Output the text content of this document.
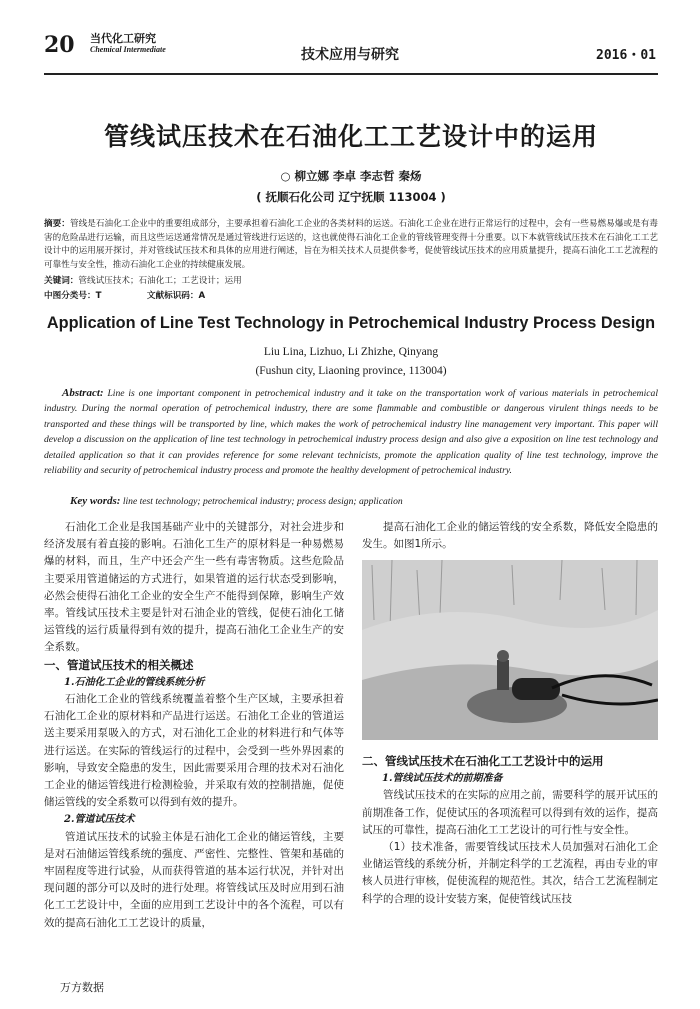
20 当代化工研究
Chemical Intermediate	技术应用与研究	2016・01
管线试压技术在石油化工工艺设计中的运用
○ 柳立娜 李卓 李志哲 秦炀
( 抚顺石化公司 辽宁抚顺 113004 )
摘要：管线是石油化工企业中的重要组成部分，主要承担着石油化工企业的各类材料的运送。石油化工企业在进行正常运行的过程中，会有一些易燃易爆或是有毒害的危险品进行运输，而且这些运送通常情况是通过管线进行运送的，这也就使得石油化工企业的管线管理变得十分重要。以下本就管线试压技术在石油化工工艺设计中的运用展开探讨，并对管线试压技术和具体的应用进行阐述，旨在为相关技术人员提供参考，促使管线试压技术的应用质量提升，提高石油化工工艺流程的可靠性与安全性，推动石油化工企业的持续健康发展。
关键词：管线试压技术；石油化工；工艺设计；运用
中图分类号：T	文献标识码：A
Application of Line Test Technology in Petrochemical Industry Process Design
Liu Lina, Lizhuo, Li Zhizhe, Qinyang
(Fushun city, Liaoning province, 113004)
Abstract: Line is one important component in petrochemical industry and it take on the transportation work of various materials in petrochemical industry. During the normal operation of petrochemical industry, there are some flammable and combustible or dangerous virulent things needs to be transported and these things will be transported by line, which makes the work of petrochemical industry line management very important. This paper will develop a discussion on the application of line test technology in petrochemical industry process design and also give a exposition on line test technology and detailed application so that it can provides reference for some relevant technicists, promote the application quality of line test technology, improve the reliability and security of petrochemical industry process and promote the healthy development of petrochemical industry.
Key words: line test technology; petrochemical industry; process design; application

石油化工企业是我国基础产业中的关键部分，对社会进步和经济发展有着直接的影响。石油化工生产的原材料是一种易燃易爆的材料，而且，生产中还会产生一些有毒害物质。这些危险品主要采用管道储运的方式进行，如果管道的运行状态受到影响，必然会使得石油化工企业的安全生产不能得到保障，影响生产效率。管线试压技术主要是针对石油企业的管线，促使石油化工储运管线的运行质量得到有效的提升，提高石油化工企业生产的安全系数。

一、管道试压技术的相关概述

1.石油化工企业的管线系统分析

石油化工企业的管线系统覆盖着整个生产区域，主要承担着石油化工企业的原材料和产品进行运送。石油化工企业的管道运送主要采用泵吸入的方式，对石油化工企业的材料进行和气体等进行运送。在实际的管线运行的过程中，会受到一些外界因素的影响，导致安全隐患的发生，因此需要采用合理的技术对石油化工企业的储运管线进行检测检验，并采取有效的控制措施，促使储运管线的安全系数可以得到有效的提升。

2.管道试压技术

管道试压技术的试验主体是石油化工企业的储运管线，主要是对石油储运管线系统的强度、严密性、完整性、管架和基础的牢固程度等进行试验，从而获得管道的基本运行状况，并针对出现问题的部分可以及时的进行处理。将管线试压及时应用到石油化工工艺设计中，全面的应用到工艺设计中的各个流程，可以有效的提高石油化工工艺设计的质量，

提高石油化工企业的储运管线的安全系数，降低安全隐患的发生。如图1所示。

二、管线试压技术在石油化工工艺设计中的运用

1.管线试压技术的前期准备

管线试压技术的在实际的应用之前，需要科学的展开试压的前期准备工作，促使试压的各项流程可以得到有效的运作，提高试压的可靠性，提高石油化工工艺设计的可行性与安全性。

（1）技术准备，需要管线试压技术人员加强对石油化工企业储运管线的系统分析，并制定科学的工艺流程，再由专业的审核人员进行审核，促使流程的规范性。其次，结合工艺流程制定科学的合理的设计安装方案，促使管线试压技

万方数据
